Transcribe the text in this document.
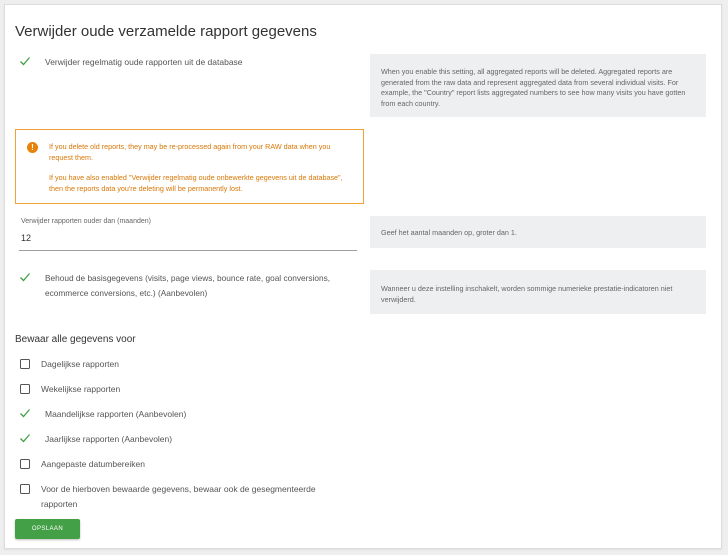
Verwijder oude verzamelde rapport gegevens
Verwijder regelmatig oude rapporten uit de database
When you enable this setting, all aggregated reports will be deleted. Aggregated reports are generated from the raw data and represent aggregated data from several individual visits. For example, the "Country" report lists aggregated numbers to see how many visits you have gotten from each country.
!	If you delete old reports, they may be re-processed again from your RAW data when you request them.
If you have also enabled "Verwijder regelmatig oude onbewerkte gegevens uit de database", then the reports data you're deleting will be permanently lost.
Verwijder rapporten ouder dan (maanden)
12
Geef het aantal maanden op, groter dan 1.
Behoud de basisgegevens (visits, page views, bounce rate, goal conversions, ecommerce conversions, etc.) (Aanbevolen)	Wanneer u deze instelling inschakelt, worden sommige numerieke prestatie-indicatoren niet verwijderd.
Bewaar alle gegevens voor
Dagelijkse rapporten
Wekelijkse rapporten
Maandelijkse rapporten (Aanbevolen)
Jaarlijkse rapporten (Aanbevolen)
Aangepaste datumbereiken
Voor de hierboven bewaarde gegevens, bewaar ook de gesegmenteerde rapporten
OPSLAAN
